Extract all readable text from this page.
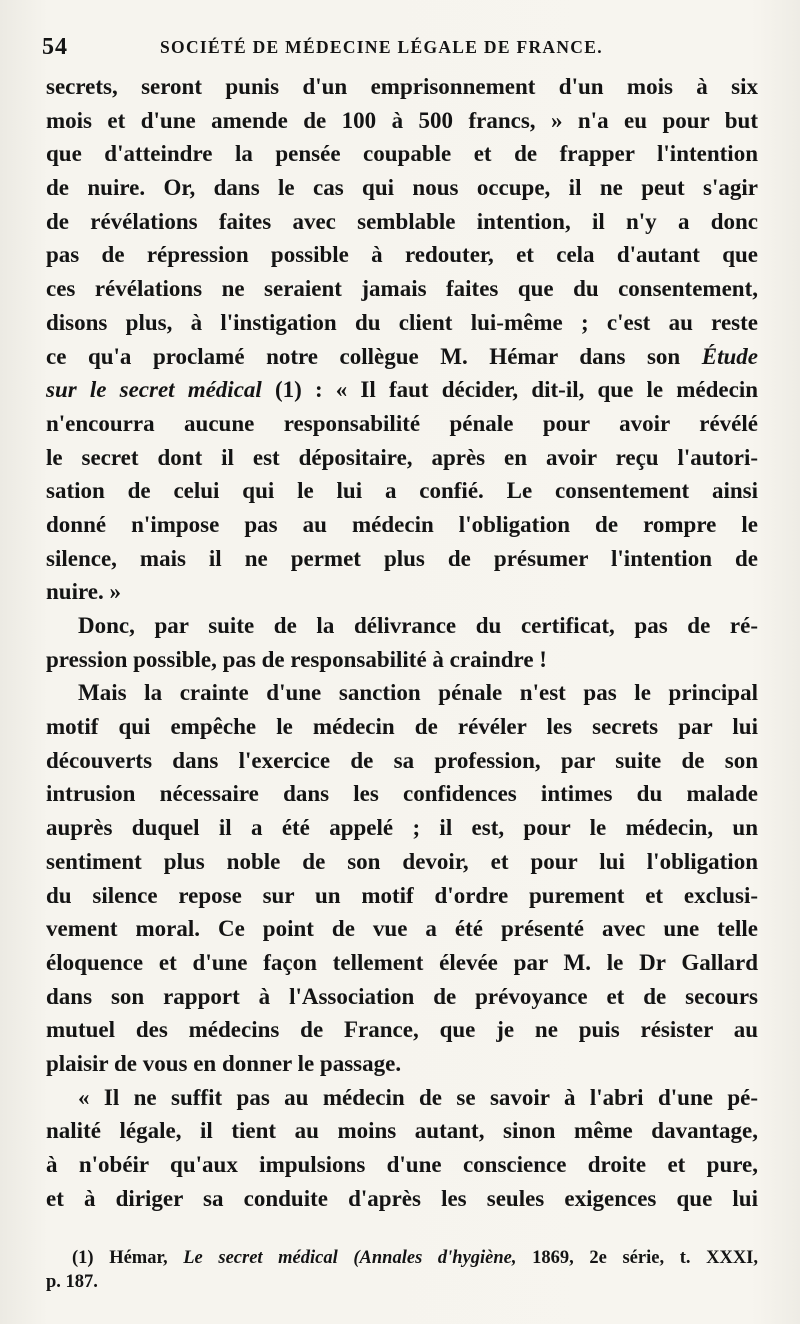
54	SOCIÉTÉ DE MÉDECINE LÉGALE DE FRANCE.
secrets, seront punis d'un emprisonnement d'un mois à six
mois et d'une amende de 100 à 500 francs, » n'a eu pour but
que d'atteindre la pensée coupable et de frapper l'intention
de nuire. Or, dans le cas qui nous occupe, il ne peut s'agir
de révélations faites avec semblable intention, il n'y a donc
pas de répression possible à redouter, et cela d'autant que
ces révélations ne seraient jamais faites que du consentement,
disons plus, à l'instigation du client lui-même ; c'est au reste
ce qu'a proclamé notre collègue M. Hémar dans son Étude
sur le secret médical (1) : « Il faut décider, dit-il, que le médecin
n'encourra aucune responsabilité pénale pour avoir révélé
le secret dont il est dépositaire, après en avoir reçu l'autori-
sation de celui qui le lui a confié. Le consentement ainsi
donné n'impose pas au médecin l'obligation de rompre le
silence, mais il ne permet plus de présumer l'intention de
nuire. »
Donc, par suite de la délivrance du certificat, pas de ré-
pression possible, pas de responsabilité à craindre !
Mais la crainte d'une sanction pénale n'est pas le principal
motif qui empêche le médecin de révéler les secrets par lui
découverts dans l'exercice de sa profession, par suite de son
intrusion nécessaire dans les confidences intimes du malade
auprès duquel il a été appelé ; il est, pour le médecin, un
sentiment plus noble de son devoir, et pour lui l'obligation
du silence repose sur un motif d'ordre purement et exclusi-
vement moral. Ce point de vue a été présenté avec une telle
éloquence et d'une façon tellement élevée par M. le Dr Gallard
dans son rapport à l'Association de prévoyance et de secours
mutuel des médecins de France, que je ne puis résister au
plaisir de vous en donner le passage.
« Il ne suffit pas au médecin de se savoir à l'abri d'une pé-
nalité légale, il tient au moins autant, sinon même davantage,
à n'obéir qu'aux impulsions d'une conscience droite et pure,
et à diriger sa conduite d'après les seules exigences que lui
(1) Hémar, Le secret médical (Annales d'hygiène, 1869, 2e série, t. XXXI,
p. 187.
